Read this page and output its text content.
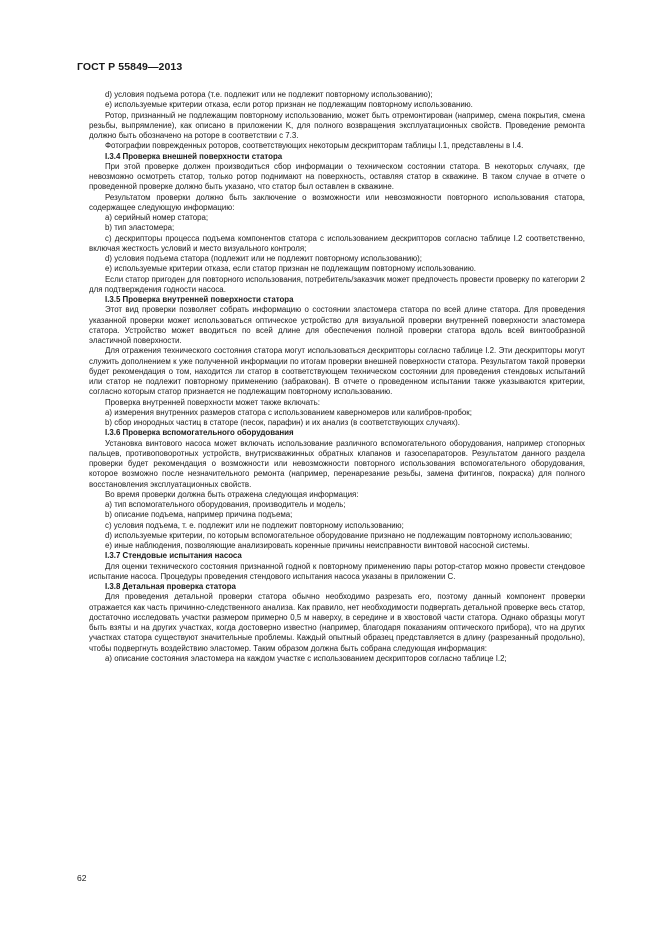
ГОСТ Р 55849—2013

d) условия подъема ротора (т.е. подлежит или не подлежит повторному использованию);

е) используемые критерии отказа, если ротор признан не подлежащим повторному использованию.

Ротор, признанный не подлежащим повторному использованию, может быть отремонтирован (например, смена покрытия, смена резьбы, выпрямление), как описано в приложении K, для полного возвращения эксплуатационных свойств. Проведение ремонта должно быть обозначено на роторе в соответствии с 7.3.

Фотографии поврежденных роторов, соответствующих некоторым дескрипторам таблицы I.1, представлены в I.4.

I.3.4 Проверка внешней поверхности статора

При этой проверке должен производиться сбор информации о техническом состоянии статора. В некоторых случаях, где невозможно осмотреть статор, только ротор поднимают на поверхность, оставляя статор в скважине. В таком случае в отчете о проведенной проверке должно быть указано, что статор был оставлен в скважине.

Результатом проверки должно быть заключение о возможности или невозможности повторного использования статора, содержащее следующую информацию:

а) серийный номер статора;

b) тип эластомера;

с) дескрипторы процесса подъема компонентов статора с использованием дескрипторов согласно таблице I.2 соответственно, включая жесткость условий и место визуального контроля;

d) условия подъема статора (подлежит или не подлежит повторному использованию);

е) используемые критерии отказа, если статор признан не подлежащим повторному использованию.

Если статор пригоден для повторного использования, потребитель/заказчик может предпочесть провести проверку по категории 2 для подтверждения годности насоса.

I.3.5 Проверка внутренней поверхности статора

Этот вид проверки позволяет собрать информацию о состоянии эластомера статора по всей длине статора. Для проведения указанной проверки может использоваться оптическое устройство для визуальной проверки внутренней поверхности эластомера статора. Устройство может вводиться по всей длине для обеспечения полной проверки статора вдоль всей винтообразной эластичной поверхности.

Для отражения технического состояния статора могут использоваться дескрипторы согласно таблице I.2. Эти дескрипторы могут служить дополнением к уже полученной информации по итогам проверки внешней поверхности статора. Результатом такой проверки будет рекомендация о том, находится ли статор в соответствующем техническом состоянии для проведения стендовых испытаний или статор не подлежит повторному применению (забракован). В отчете о проведенном испытании также указываются критерии, согласно которым статор признается не подлежащим повторному использованию.

Проверка внутренней поверхности может также включать:

а) измерения внутренних размеров статора с использованием каверномеров или калибров-пробок;

b) сбор инородных частиц в статоре (песок, парафин) и их анализ (в соответствующих случаях).

I.3.6 Проверка вспомогательного оборудования

Установка винтового насоса может включать использование различного вспомогательного оборудования, например стопорных пальцев, противоповоротных устройств, внутрискважинных обратных клапанов и газосепараторов. Результатом данного раздела проверки будет рекомендация о возможности или невозможности повторного использования вспомогательного оборудования, которое возможно после незначительного ремонта (например, перенарезание резьбы, замена фитингов, покраска) для полного восстановления эксплуатационных свойств.

Во время проверки должна быть отражена следующая информация:

а) тип вспомогательного оборудования, производитель и модель;

b) описание подъема, например причина подъема;

с) условия подъема, т. е. подлежит или не подлежит повторному использованию;

d) используемые критерии, по которым вспомогательное оборудование признано не подлежащим повторному использованию;

е) иные наблюдения, позволяющие анализировать коренные причины неисправности винтовой насосной системы.

I.3.7 Стендовые испытания насоса

Для оценки технического состояния признанной годной к повторному применению пары ротор-статор можно провести стендовое испытание насоса. Процедуры проведения стендового испытания насоса указаны в приложении С.

I.3.8 Детальная проверка статора

Для проведения детальной проверки статора обычно необходимо разрезать его, поэтому данный компонент проверки отражается как часть причинно-следственного анализа. Как правило, нет необходимости подвергать детальной проверке весь статор, достаточно исследовать участки размером примерно 0,5 м наверху, в середине и в хвостовой части статора. Однако образцы могут быть взяты и на других участках, когда достоверно известно (например, благодаря показаниям оптического прибора), что на других участках статора существуют значительные проблемы. Каждый опытный образец представляется в длину (разрезанный продольно), чтобы подвергнуть воздействию эластомер. Таким образом должна быть собрана следующая информация:

а) описание состояния эластомера на каждом участке с использованием дескрипторов согласно таблице I.2;

62
